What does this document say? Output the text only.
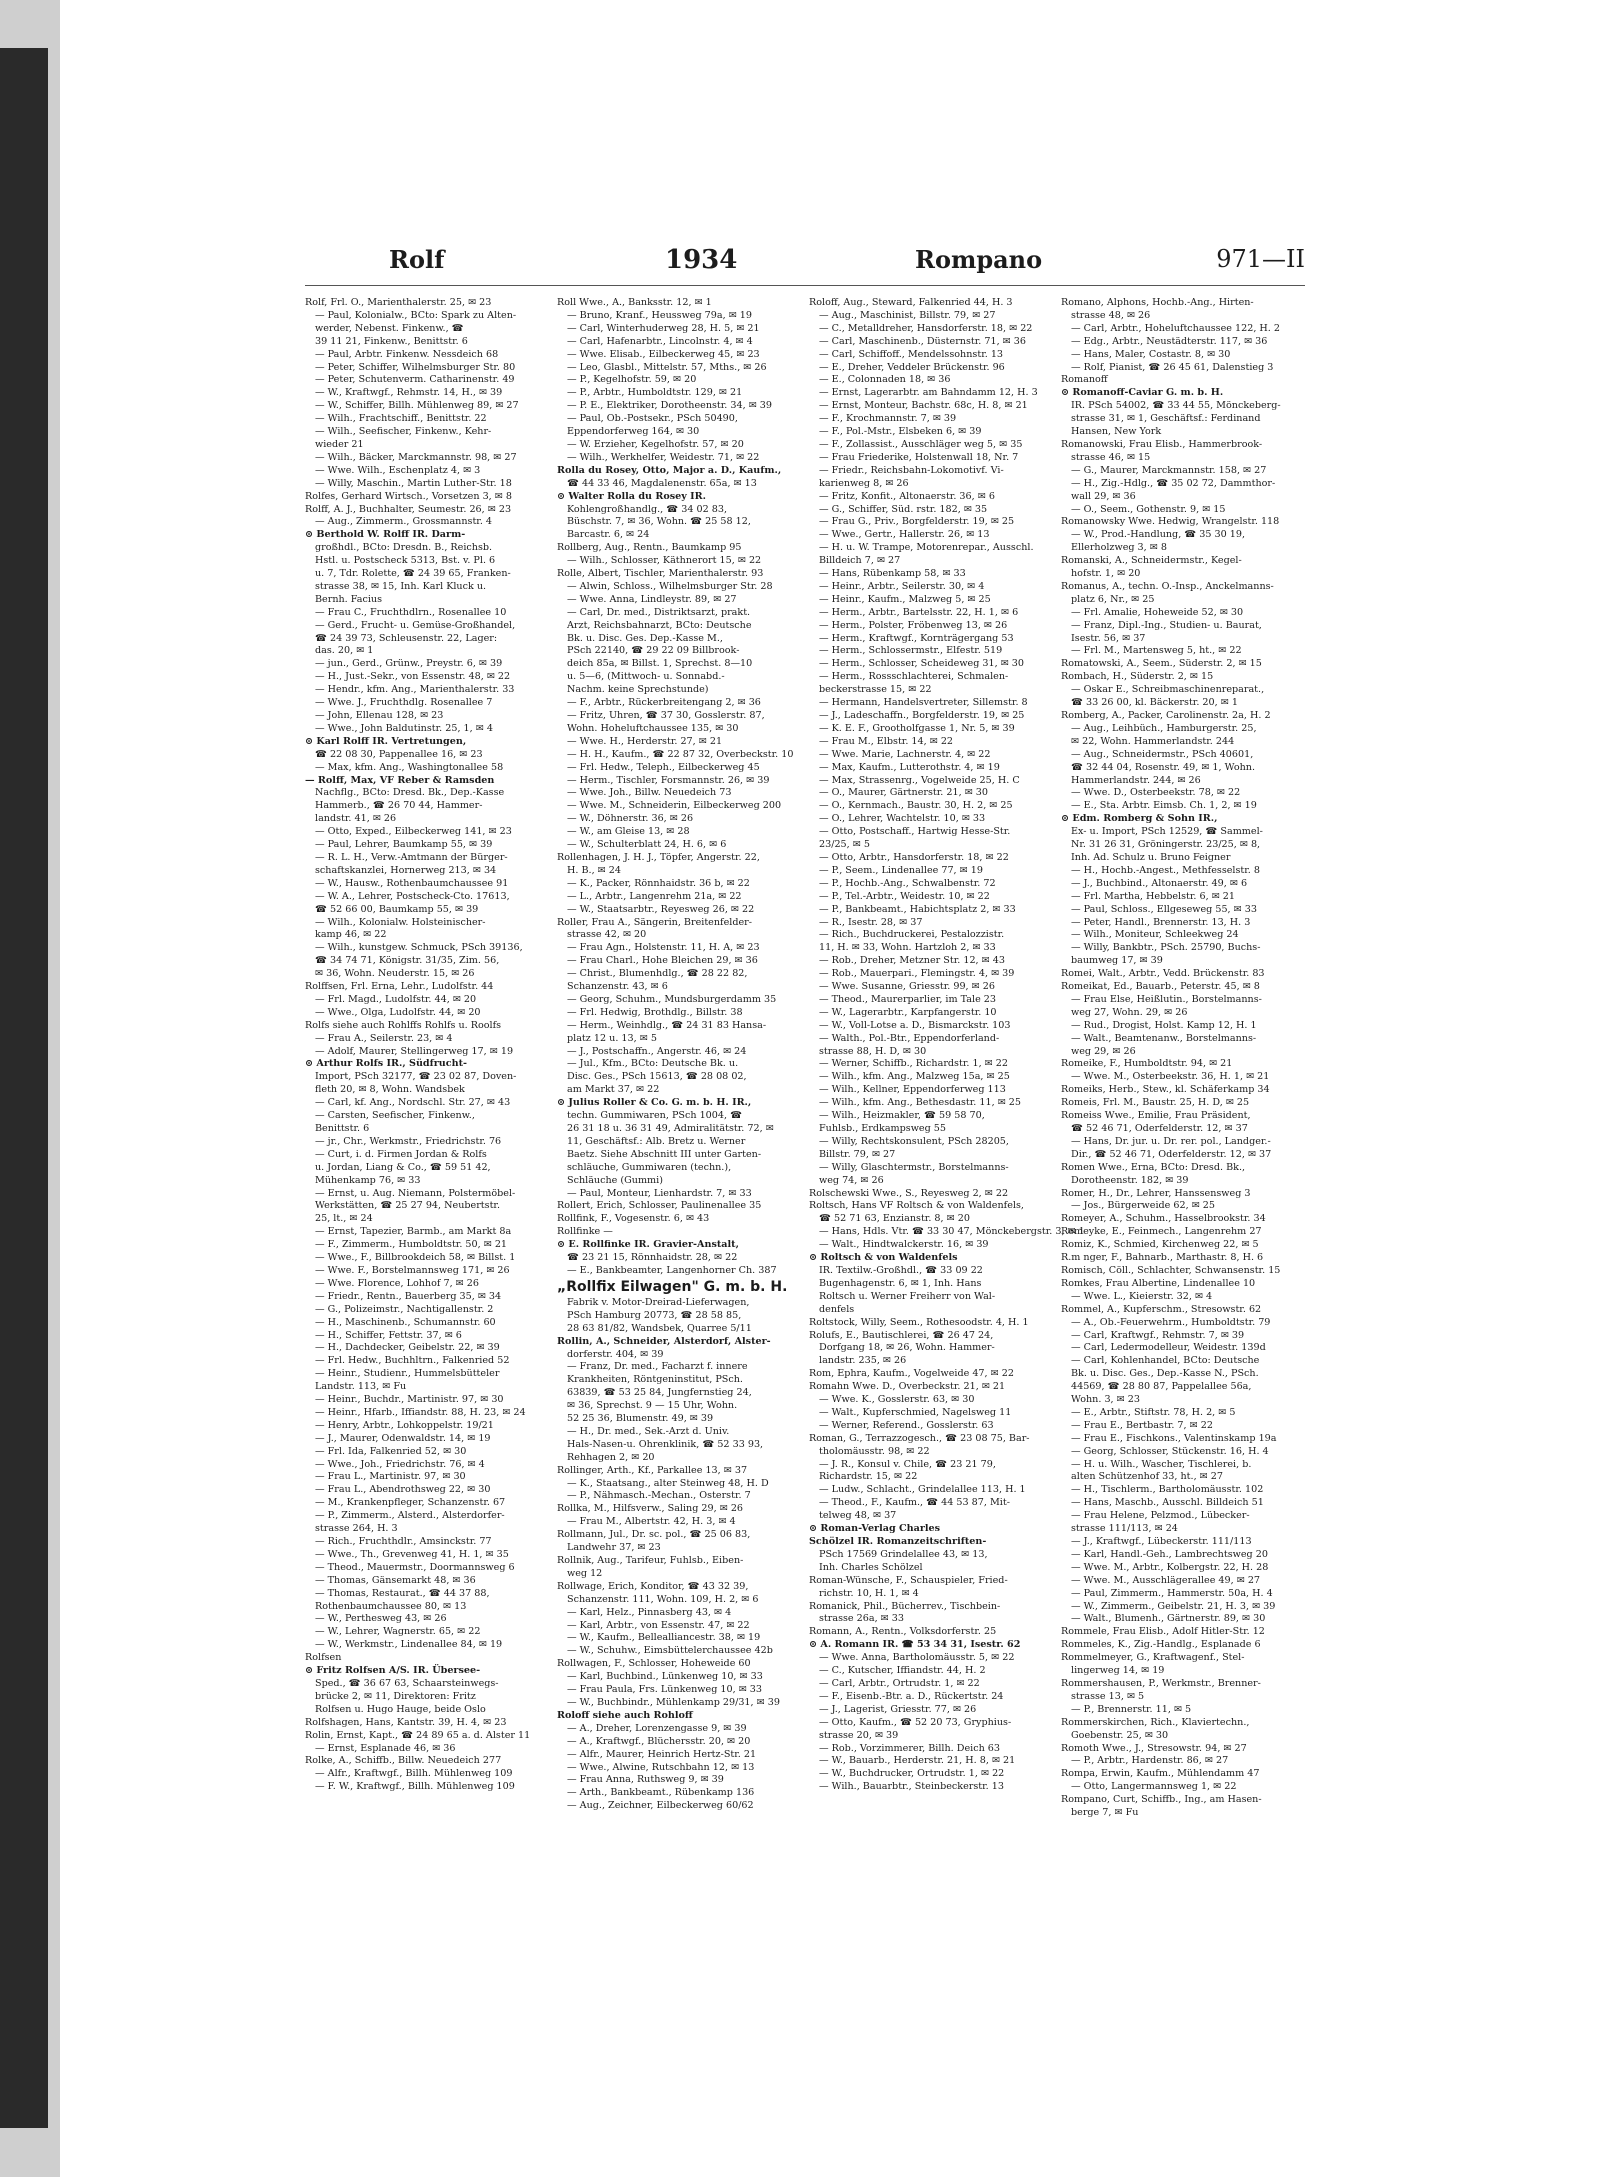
Rolf	1934	Rompano	971—II

Rolf, Frl. O., Marienthalerstr. 25, ✉ 23

— Paul, Kolonialw., BCto: Spark zu Alten-

werder, Nebenst. Finkenw., ☎

39 11 21, Finkenw., Benittstr. 6

— Paul, Arbtr. Finkenw. Nessdeich 68

— Peter, Schiffer, Wilhelmsburger Str. 80

— Peter, Schutenverm. Catharinenstr. 49

— W., Kraftwgf., Rehmstr. 14, H., ✉ 39

— W., Schiffer, Billh. Mühlenweg 89, ✉ 27

— Wilh., Frachtschiff., Benittstr. 22

— Wilh., Seefischer, Finkenw., Kehr-

wieder 21

— Wilh., Bäcker, Marckmannstr. 98, ✉ 27

— Wwe. Wilh., Eschenplatz 4, ✉ 3

— Willy, Maschin., Martin Luther-Str. 18

Rolfes, Gerhard Wirtsch., Vorsetzen 3, ✉ 8

Rolff, A. J., Buchhalter, Seumestr. 26, ✉ 23

— Aug., Zimmerm., Grossmannstr. 4

⊙ Berthold W. Rolff IR. Darm-

großhdl., BCto: Dresdn. B., Reichsb.

Hstl. u. Postscheck 5313, Bst. v. Pl. 6

u. 7, Tdr. Rolette, ☎ 24 39 65, Franken-

strasse 38, ✉ 15, Inh. Karl Kluck u.

Bernh. Facius

— Frau C., Fruchthdlrn., Rosenallee 10

— Gerd., Frucht- u. Gemüse-Großhandel,

☎ 24 39 73, Schleusenstr. 22, Lager:

das. 20, ✉ 1

— jun., Gerd., Grünw., Preystr. 6, ✉ 39

— H., Just.-Sekr., von Essenstr. 48, ✉ 22

— Hendr., kfm. Ang., Marienthalerstr. 33

— Wwe. J., Fruchthdlg. Rosenallee 7

— John, Ellenau 128, ✉ 23

— Wwe., John Baldutinstr. 25, 1, ✉ 4

⊙ Karl Rolff IR. Vertretungen,

☎ 22 08 30, Pappenallee 16, ✉ 23

— Max, kfm. Ang., Washingtonallee 58

— Rolff, Max, VF Reber & Ramsden

Nachflg., BCto: Dresd. Bk., Dep.-Kasse

Hammerb., ☎ 26 70 44, Hammer-

landstr. 41, ✉ 26

— Otto, Exped., Eilbeckerweg 141, ✉ 23

— Paul, Lehrer, Baumkamp 55, ✉ 39

— R. L. H., Verw.-Amtmann der Bürger-

schaftskanzlei, Hornerweg 213, ✉ 34

— W., Hausw., Rothenbaumchaussee 91

— W. A., Lehrer, Postscheck-Cto. 17613,

☎ 52 66 00, Baumkamp 55, ✉ 39

— Wilh., Kolonialw. Holsteinischer-

kamp 46, ✉ 22

— Wilh., kunstgew. Schmuck, PSch 39136,

☎ 34 74 71, Königstr. 31/35, Zim. 56,

✉ 36, Wohn. Neuderstr. 15, ✉ 26

Rolffsen, Frl. Erna, Lehr., Ludolfstr. 44

— Frl. Magd., Ludolfstr. 44, ✉ 20

— Wwe., Olga, Ludolfstr. 44, ✉ 20

Rolfs siehe auch Rohlffs Rohlfs u. Roolfs

— Frau A., Seilerstr. 23, ✉ 4

— Adolf, Maurer, Stellingerweg 17, ✉ 19

⊙ Arthur Rolfs IR., Südfrucht-

Import, PSch 32177, ☎ 23 02 87, Doven-

fleth 20, ✉ 8, Wohn. Wandsbek

— Carl, kf. Ang., Nordschl. Str. 27, ✉ 43

— Carsten, Seefischer, Finkenw.,

Benittstr. 6

— jr., Chr., Werkmstr., Friedrichstr. 76

— Curt, i. d. Firmen Jordan & Rolfs

u. Jordan, Liang & Co., ☎ 59 51 42,

Mühenkamp 76, ✉ 33

— Ernst, u. Aug. Niemann, Polstermöbel-

Werkstätten, ☎ 25 27 94, Neubertstr.

25, lt., ✉ 24

— Ernst, Tapezier, Barmb., am Markt 8a

— F., Zimmerm., Humboldtstr. 50, ✉ 21

— Wwe., F., Billbrookdeich 58, ✉ Billst. 1

— Wwe. F., Borstelmannsweg 171, ✉ 26

— Wwe. Florence, Lohhof 7, ✉ 26

— Friedr., Rentn., Bauerberg 35, ✉ 34

— G., Polizeimstr., Nachtigallenstr. 2

— H., Maschinenb., Schumannstr. 60

— H., Schiffer, Fettstr. 37, ✉ 6

— H., Dachdecker, Geibelstr. 22, ✉ 39

— Frl. Hedw., Buchhltrn., Falkenried 52

— Heinr., Studienr., Hummelsbütteler

Landstr. 113, ✉ Fu

— Heinr., Buchdr., Martinistr. 97, ✉ 30

— Heinr., Hfarb., Iffiandstr. 88, H. 23, ✉ 24

— Henry, Arbtr., Lohkoppelstr. 19/21

— J., Maurer, Odenwaldstr. 14, ✉ 19

— Frl. Ida, Falkenried 52, ✉ 30

— Wwe., Joh., Friedrichstr. 76, ✉ 4

— Frau L., Martinistr. 97, ✉ 30

— Frau L., Abendrothsweg 22, ✉ 30

— M., Krankenpfleger, Schanzenstr. 67

— P., Zimmerm., Alsterd., Alsterdorfer-

strasse 264, H. 3

— Rich., Fruchthdlr., Amsinckstr. 77

— Wwe., Th., Grevenweg 41, H. 1, ✉ 35

— Theod., Mauermstr., Doormannsweg 6

— Thomas, Gänsemarkt 48, ✉ 36

— Thomas, Restaurat., ☎ 44 37 88,

Rothenbaumchaussee 80, ✉ 13

— W., Perthesweg 43, ✉ 26

— W., Lehrer, Wagnerstr. 65, ✉ 22

— W., Werkmstr., Lindenallee 84, ✉ 19

Rolfsen

⊙ Fritz Rolfsen A/S. IR. Übersee-

Sped., ☎ 36 67 63, Schaarsteinwegs-

brücke 2, ✉ 11, Direktoren: Fritz

Rolfsen u. Hugo Hauge, beide Oslo

Rolfshagen, Hans, Kantstr. 39, H. 4, ✉ 23

Rolin, Ernst, Kapt., ☎ 24 89 65 a. d. Alster 11

— Ernst, Esplanade 46, ✉ 36

Rolke, A., Schiffb., Billw. Neuedeich 277

— Alfr., Kraftwgf., Billh. Mühlenweg 109

— F. W., Kraftwgf., Billh. Mühlenweg 109

Roll Wwe., A., Banksstr. 12, ✉ 1

— Bruno, Kranf., Heussweg 79a, ✉ 19

— Carl, Winterhuderweg 28, H. 5, ✉ 21

— Carl, Hafenarbtr., Lincolnstr. 4, ✉ 4

— Wwe. Elisab., Eilbeckerweg 45, ✉ 23

— Leo, Glasbl., Mittelstr. 57, Mths., ✉ 26

— P., Kegelhofstr. 59, ✉ 20

— P., Arbtr., Humboldtstr. 129, ✉ 21

— P. E., Elektriker, Dorotheenstr. 34, ✉ 39

— Paul, Ob.-Postsekr., PSch 50490,

Eppendorferweg 164, ✉ 30

— W. Erzieher, Kegelhofstr. 57, ✉ 20

— Wilh., Werkhelfer, Weidestr. 71, ✉ 22

Rolla du Rosey, Otto, Major a. D., Kaufm.,

☎ 44 33 46, Magdalenenstr. 65a, ✉ 13

⊙ Walter Rolla du Rosey IR.

Kohlengroßhandlg., ☎ 34 02 83,

Büschstr. 7, ✉ 36, Wohn. ☎ 25 58 12,

Barcastr. 6, ✉ 24

Rollberg, Aug., Rentn., Baumkamp 95

— Wilh., Schlosser, Käthnerort 15, ✉ 22

Rolle, Albert, Tischler, Marienthalerstr. 93

— Alwin, Schloss., Wilhelmsburger Str. 28

— Wwe. Anna, Lindleystr. 89, ✉ 27

— Carl, Dr. med., Distriktsarzt, prakt.

Arzt, Reichsbahnarzt, BCto: Deutsche

Bk. u. Disc. Ges. Dep.-Kasse M.,

PSch 22140, ☎ 29 22 09 Billbrook-

deich 85a, ✉ Billst. 1, Sprechst. 8—10

u. 5—6, (Mittwoch- u. Sonnabd.-

Nachm. keine Sprechstunde)

— F., Arbtr., Rückerbreitengang 2, ✉ 36

— Fritz, Uhren, ☎ 37 30, Gosslerstr. 87,

Wohn. Hoheluftchaussee 135, ✉ 30

— Wwe. H., Herderstr. 27, ✉ 21

— H. H., Kaufm., ☎ 22 87 32, Overbeckstr. 10

— Frl. Hedw., Teleph., Eilbeckerweg 45

— Herm., Tischler, Forsmannstr. 26, ✉ 39

— Wwe. Joh., Billw. Neuedeich 73

— Wwe. M., Schneiderin, Eilbeckerweg 200

— W., Döhnerstr. 36, ✉ 26

— W., am Gleise 13, ✉ 28

— W., Schulterblatt 24, H. 6, ✉ 6

Rollenhagen, J. H. J., Töpfer, Angerstr. 22,

H. B., ✉ 24

— K., Packer, Rönnhaidstr. 36 b, ✉ 22

— L., Arbtr., Langenrehm 21a, ✉ 22

— W., Staatsarbtr., Reyesweg 26, ✉ 22

Roller, Frau A., Sängerin, Breitenfelder-

strasse 42, ✉ 20

— Frau Agn., Holstenstr. 11, H. A, ✉ 23

— Frau Charl., Hohe Bleichen 29, ✉ 36

— Christ., Blumenhdlg., ☎ 28 22 82,

Schanzenstr. 43, ✉ 6

— Georg, Schuhm., Mundsburgerdamm 35

— Frl. Hedwig, Brothdlg., Billstr. 38

— Herm., Weinhdlg., ☎ 24 31 83 Hansa-

platz 12 u. 13, ✉ 5

— J., Postschaffn., Angerstr. 46, ✉ 24

— Jul., Kfm., BCto: Deutsche Bk. u.

Disc. Ges., PSch 15613, ☎ 28 08 02,

am Markt 37, ✉ 22

⊙ Julius Roller & Co. G. m. b. H. IR.,

techn. Gummiwaren, PSch 1004, ☎

26 31 18 u. 36 31 49, Admiralitätstr. 72, ✉

11, Geschäftsf.: Alb. Bretz u. Werner

Baetz. Siehe Abschnitt III unter Garten-

schläuche, Gummiwaren (techn.),

Schläuche (Gummi)

— Paul, Monteur, Lienhardstr. 7, ✉ 33

Rollert, Erich, Schlosser, Paulinenallee 35

Rollfink, F., Vogesenstr. 6, ✉ 43

Rollfinke —

⊙ E. Rollfinke IR. Gravier-Anstalt,

☎ 23 21 15, Rönnhaidstr. 28, ✉ 22

— E., Bankbeamter, Langenhorner Ch. 387

„Rollfix Eilwagen" G. m. b. H.

Fabrik v. Motor-Dreirad-Lieferwagen,

PSch Hamburg 20773, ☎ 28 58 85,

28 63 81/82, Wandsbek, Quarree 5/11

Rollin, A., Schneider, Alsterdorf, Alster-

dorferstr. 404, ✉ 39

— Franz, Dr. med., Facharzt f. innere

Krankheiten, Röntgeninstitut, PSch.

63839, ☎ 53 25 84, Jungfernstieg 24,

✉ 36, Sprechst. 9 — 15 Uhr, Wohn.

52 25 36, Blumenstr. 49, ✉ 39

— H., Dr. med., Sek.-Arzt d. Univ.

Hals-Nasen-u. Ohrenklinik, ☎ 52 33 93,

Rehhagen 2, ✉ 20

Rollinger, Arth., Kf., Parkallee 13, ✉ 37

— K., Staatsang., alter Steinweg 48, H. D

— P., Nähmasch.-Mechan., Osterstr. 7

Rollka, M., Hilfsverw., Saling 29, ✉ 26

— Frau M., Albertstr. 42, H. 3, ✉ 4

Rollmann, Jul., Dr. sc. pol., ☎ 25 06 83,

Landwehr 37, ✉ 23

Rollnik, Aug., Tarifeur, Fuhlsb., Eiben-

weg 12

Rollwage, Erich, Konditor, ☎ 43 32 39,

Schanzenstr. 111, Wohn. 109, H. 2, ✉ 6

— Karl, Helz., Pinnasberg 43, ✉ 4

— Karl, Arbtr., von Essenstr. 47, ✉ 22

— W., Kaufm., Bellealliancestr. 38, ✉ 19

— W., Schuhw., Eimsbüttelerchaussee 42b

Rollwagen, F., Schlosser, Hoheweide 60

— Karl, Buchbind., Lünkenweg 10, ✉ 33

— Frau Paula, Frs. Lünkenweg 10, ✉ 33

— W., Buchbindr., Mühlenkamp 29/31, ✉ 39

Roloff siehe auch Rohloff

— A., Dreher, Lorenzengasse 9, ✉ 39

— A., Kraftwgf., Blüchersstr. 20, ✉ 20

— Alfr., Maurer, Heinrich Hertz-Str. 21

— Wwe., Alwine, Rutschbahn 12, ✉ 13

— Frau Anna, Ruthsweg 9, ✉ 39

— Arth., Bankbeamt., Rübenkamp 136

— Aug., Zeichner, Eilbeckerweg 60/62

Roloff, Aug., Steward, Falkenried 44, H. 3

— Aug., Maschinist, Billstr. 79, ✉ 27

— C., Metalldreher, Hansdorferstr. 18, ✉ 22

— Carl, Maschinenb., Düsternstr. 71, ✉ 36

— Carl, Schiffoff., Mendelssohnstr. 13

— E., Dreher, Veddeler Brückenstr. 96

— E., Colonnaden 18, ✉ 36

— Ernst, Lagerarbtr. am Bahndamm 12, H. 3

— Ernst, Monteur, Bachstr. 68c, H. 8, ✉ 21

— F., Krochmannstr. 7, ✉ 39

— F., Pol.-Mstr., Elsbeken 6, ✉ 39

— F., Zollassist., Ausschläger weg 5, ✉ 35

— Frau Friederike, Holstenwall 18, Nr. 7

— Friedr., Reichsbahn-Lokomotivf. Vi-

karienweg 8, ✉ 26

— Fritz, Konfit., Altonaerstr. 36, ✉ 6

— G., Schiffer, Süd. rstr. 182, ✉ 35

— Frau G., Priv., Borgfelderstr. 19, ✉ 25

— Wwe., Gertr., Hallerstr. 26, ✉ 13

— H. u. W. Trampe, Motorenrepar., Ausschl.

Billdeich 7, ✉ 27

— Hans, Rübenkamp 58, ✉ 33

— Heinr., Arbtr., Seilerstr. 30, ✉ 4

— Heinr., Kaufm., Malzweg 5, ✉ 25

— Herm., Arbtr., Bartelsstr. 22, H. 1, ✉ 6

— Herm., Polster, Fröbenweg 13, ✉ 26

— Herm., Kraftwgf., Kornträgergang 53

— Herm., Schlossermstr., Elfestr. 519

— Herm., Schlosser, Scheideweg 31, ✉ 30

— Herm., Rossschlachterei, Schmalen-

beckerstrasse 15, ✉ 22

— Hermann, Handelsvertreter, Sillemstr. 8

— J., Ladeschaffn., Borgfelderstr. 19, ✉ 25

— K. E. F., Grootholfgasse 1, Nr. 5, ✉ 39

— Frau M., Elbstr. 14, ✉ 22

— Wwe. Marie, Lachnerstr. 4, ✉ 22

— Max, Kaufm., Lutterothstr. 4, ✉ 19

— Max, Strassenrg., Vogelweide 25, H. C

— O., Maurer, Gärtnerstr. 21, ✉ 30

— O., Kernmach., Baustr. 30, H. 2, ✉ 25

— O., Lehrer, Wachtelstr. 10, ✉ 33

— Otto, Postschaff., Hartwig Hesse-Str.

23/25, ✉ 5

— Otto, Arbtr., Hansdorferstr. 18, ✉ 22

— P., Seem., Lindenallee 77, ✉ 19

— P., Hochb.-Ang., Schwalbenstr. 72

— P., Tel.-Arbtr., Weidestr. 10, ✉ 22

— P., Bankbeamt., Habichtsplatz 2, ✉ 33

— R., Isestr. 28, ✉ 37

— Rich., Buchdruckerei, Pestalozzistr.

11, H. ✉ 33, Wohn. Hartzloh 2, ✉ 33

— Rob., Dreher, Metzner Str. 12, ✉ 43

— Rob., Mauerpari., Flemingstr. 4, ✉ 39

— Wwe. Susanne, Griesstr. 99, ✉ 26

— Theod., Maurerparlier, im Tale 23

— W., Lagerarbtr., Karpfangerstr. 10

— W., Voll-Lotse a. D., Bismarckstr. 103

— Walth., Pol.-Btr., Eppendorferland-

strasse 88, H. D, ✉ 30

— Werner, Schiffb., Richardstr. 1, ✉ 22

— Wilh., kfm. Ang., Malzweg 15a, ✉ 25

— Wilh., Kellner, Eppendorferweg 113

— Wilh., kfm. Ang., Bethesdastr. 11, ✉ 25

— Wilh., Heizmakler, ☎ 59 58 70,

Fuhlsb., Erdkampsweg 55

— Willy, Rechtskonsulent, PSch 28205,

Billstr. 79, ✉ 27

— Willy, Glaschtermstr., Borstelmanns-

weg 74, ✉ 26

Rolschewski Wwe., S., Reyesweg 2, ✉ 22

Roltsch, Hans VF Roltsch & von Waldenfels,

☎ 52 71 63, Enzianstr. 8, ✉ 20

— Hans, Hdls. Vtr. ☎ 33 30 47, Mönckebergstr. 3, ✉ 1

— Walt., Hindtwalckerstr. 16, ✉ 39

⊙ Roltsch & von Waldenfels

IR. Textilw.-Großhdl., ☎ 33 09 22

Bugenhagenstr. 6, ✉ 1, Inh. Hans

Roltsch u. Werner Freiherr von Wal-

denfels

Roltstock, Willy, Seem., Rothesoodstr. 4, H. 1

Rolufs, E., Bautischlerei, ☎ 26 47 24,

Dorfgang 18, ✉ 26, Wohn. Hammer-

landstr. 235, ✉ 26

Rom, Ephra, Kaufm., Vogelweide 47, ✉ 22

Romahn Wwe. D., Overbeckstr. 21, ✉ 21

— Wwe. K., Gosslerstr. 63, ✉ 30

— Walt., Kupferschmied, Nagelsweg 11

— Werner, Referend., Gosslerstr. 63

Roman, G., Terrazzogesch., ☎ 23 08 75, Bar-

tholomäusstr. 98, ✉ 22

— J. R., Konsul v. Chile, ☎ 23 21 79,

Richardstr. 15, ✉ 22

— Ludw., Schlacht., Grindelallee 113, H. 1

— Theod., F., Kaufm., ☎ 44 53 87, Mit-

telweg 48, ✉ 37

⊙ Roman-Verlag Charles

Schölzel IR. Romanzeitschriften-

PSch 17569 Grindelallee 43, ✉ 13,

Inh. Charles Schölzel

Roman-Wünsche, F., Schauspieler, Fried-

richstr. 10, H. 1, ✉ 4

Romanick, Phil., Bücherrev., Tischbein-

strasse 26a, ✉ 33

Romann, A., Rentn., Volksdorferstr. 25

⊙ A. Romann IR. ☎ 53 34 31, Isestr. 62

— Wwe. Anna, Bartholomäusstr. 5, ✉ 22

— C., Kutscher, Iffiandstr. 44, H. 2

— Carl, Arbtr., Ortrudstr. 1, ✉ 22

— F., Eisenb.-Btr. a. D., Rückertstr. 24

— J., Lagerist, Griesstr. 77, ✉ 26

— Otto, Kaufm., ☎ 52 20 73, Gryphius-

strasse 20, ✉ 39

— Rob., Vorzimmerer, Billh. Deich 63

— W., Bauarb., Herderstr. 21, H. 8, ✉ 21

— W., Buchdrucker, Ortrudstr. 1, ✉ 22

— Wilh., Bauarbtr., Steinbeckerstr. 13

Romano, Alphons, Hochb.-Ang., Hirten-

strasse 48, ✉ 26

— Carl, Arbtr., Hoheluftchaussee 122, H. 2

— Edg., Arbtr., Neustädterstr. 117, ✉ 36

— Hans, Maler, Costastr. 8, ✉ 30

— Rolf, Pianist, ☎ 26 45 61, Dalenstieg 3

Romanoff

⊙ Romanoff-Caviar G. m. b. H.

IR. PSch 54002, ☎ 33 44 55, Mönckeberg-

strasse 31, ✉ 1, Geschäftsf.: Ferdinand

Hansen, New York

Romanowski, Frau Elisb., Hammerbrook-

strasse 46, ✉ 15

— G., Maurer, Marckmannstr. 158, ✉ 27

— H., Zig.-Hdlg., ☎ 35 02 72, Dammthor-

wall 29, ✉ 36

— O., Seem., Gothenstr. 9, ✉ 15

Romanowsky Wwe. Hedwig, Wrangelstr. 118

— W., Prod.-Handlung, ☎ 35 30 19,

Ellerholzweg 3, ✉ 8

Romanski, A., Schneidermstr., Kegel-

hofstr. 1, ✉ 20

Romanus, A., techn. O.-Insp., Anckelmanns-

platz 6, Nr., ✉ 25

— Frl. Amalie, Hoheweide 52, ✉ 30

— Franz, Dipl.-Ing., Studien- u. Baurat,

Isestr. 56, ✉ 37

— Frl. M., Martensweg 5, ht., ✉ 22

Romatowski, A., Seem., Süderstr. 2, ✉ 15

Rombach, H., Süderstr. 2, ✉ 15

— Oskar E., Schreibmaschinenreparat.,

☎ 33 26 00, kl. Bäckerstr. 20, ✉ 1

Romberg, A., Packer, Carolinenstr. 2a, H. 2

— Aug., Leihbüch., Hamburgerstr. 25,

✉ 22, Wohn. Hammerlandstr. 244

— Aug., Schneidermstr., PSch 40601,

☎ 32 44 04, Rosenstr. 49, ✉ 1, Wohn.

Hammerlandstr. 244, ✉ 26

— Wwe. D., Osterbeekstr. 78, ✉ 22

— E., Sta. Arbtr. Eimsb. Ch. 1, 2, ✉ 19

⊙ Edm. Romberg & Sohn IR.,

Ex- u. Import, PSch 12529, ☎ Sammel-

Nr. 31 26 31, Gröningerstr. 23/25, ✉ 8,

Inh. Ad. Schulz u. Bruno Feigner

— H., Hochb.-Angest., Methfesselstr. 8

— J., Buchbind., Altonaerstr. 49, ✉ 6

— Frl. Martha, Hebbelstr. 6, ✉ 21

— Paul, Schloss., Ellgeseweg 55, ✉ 33

— Peter, Handl., Brennerstr. 13, H. 3

— Wilh., Moniteur, Schleekweg 24

— Willy, Bankbtr., PSch. 25790, Buchs-

baumweg 17, ✉ 39

Romei, Walt., Arbtr., Vedd. Brückenstr. 83

Romeikat, Ed., Bauarb., Peterstr. 45, ✉ 8

— Frau Else, Heißlutin., Borstelmanns-

weg 27, Wohn. 29, ✉ 26

— Rud., Drogist, Holst. Kamp 12, H. 1

— Walt., Beamtenanw., Borstelmanns-

weg 29, ✉ 26

Romeike, F., Humboldtstr. 94, ✉ 21

— Wwe. M., Osterbeekstr. 36, H. 1, ✉ 21

Romeiks, Herb., Stew., kl. Schäferkamp 34

Romeis, Frl. M., Baustr. 25, H. D, ✉ 25

Romeiss Wwe., Emilie, Frau Präsident,

☎ 52 46 71, Oderfelderstr. 12, ✉ 37

— Hans, Dr. jur. u. Dr. rer. pol., Landger.-

Dir., ☎ 52 46 71, Oderfelderstr. 12, ✉ 37

Romen Wwe., Erna, BCto: Dresd. Bk.,

Dorotheenstr. 182, ✉ 39

Romer, H., Dr., Lehrer, Hanssensweg 3

— Jos., Bürgerweide 62, ✉ 25

Romeyer, A., Schuhm., Hasselbrookstr. 34

Romeyke, E., Feinmech., Langenrehm 27

Romiz, K., Schmied, Kirchenweg 22, ✉ 5

R.m nger, F., Bahnarb., Marthastr. 8, H. 6

Romisch, Cöll., Schlachter, Schwansenstr. 15

Romkes, Frau Albertine, Lindenallee 10

— Wwe. L., Kieierstr. 32, ✉ 4

Rommel, A., Kupferschm., Stresowstr. 62

— A., Ob.-Feuerwehrm., Humboldtstr. 79

— Carl, Kraftwgf., Rehmstr. 7, ✉ 39

— Carl, Ledermodelleur, Weidestr. 139d

— Carl, Kohlenhandel, BCto: Deutsche

Bk. u. Disc. Ges., Dep.-Kasse N., PSch.

44569, ☎ 28 80 87, Pappelallee 56a,

Wohn. 3, ✉ 23

— E., Arbtr., Stiftstr. 78, H. 2, ✉ 5

— Frau E., Bertbastr. 7, ✉ 22

— Frau E., Fischkons., Valentinskamp 19a

— Georg, Schlosser, Stückenstr. 16, H. 4

— H. u. Wilh., Wascher, Tischlerei, b.

alten Schützenhof 33, ht., ✉ 27

— H., Tischlerm., Bartholomäusstr. 102

— Hans, Maschb., Ausschl. Billdeich 51

— Frau Helene, Pelzmod., Lübecker-

strasse 111/113, ✉ 24

— J., Kraftwgf., Lübeckerstr. 111/113

— Karl, Handl.-Geh., Lambrechtsweg 20

— Wwe. M., Arbtr., Kolbergstr. 22, H. 28

— Wwe. M., Ausschlägerallee 49, ✉ 27

— Paul, Zimmerm., Hammerstr. 50a, H. 4

— W., Zimmerm., Geibelstr. 21, H. 3, ✉ 39

— Walt., Blumenh., Gärtnerstr. 89, ✉ 30

Rommele, Frau Elisb., Adolf Hitler-Str. 12

Rommeles, K., Zig.-Handlg., Esplanade 6

Rommelmeyer, G., Kraftwagenf., Stel-

lingerweg 14, ✉ 19

Rommershausen, P., Werkmstr., Brenner-

strasse 13, ✉ 5

— P., Brennerstr. 11, ✉ 5

Rommerskirchen, Rich., Klaviertechn.,

Goebenstr. 25, ✉ 30

Romoth Wwe., J., Stresowstr. 94, ✉ 27

— P., Arbtr., Hardenstr. 86, ✉ 27

Rompa, Erwin, Kaufm., Mühlendamm 47

— Otto, Langermannsweg 1, ✉ 22

Rompano, Curt, Schiffb., Ing., am Hasen-

berge 7, ✉ Fu
